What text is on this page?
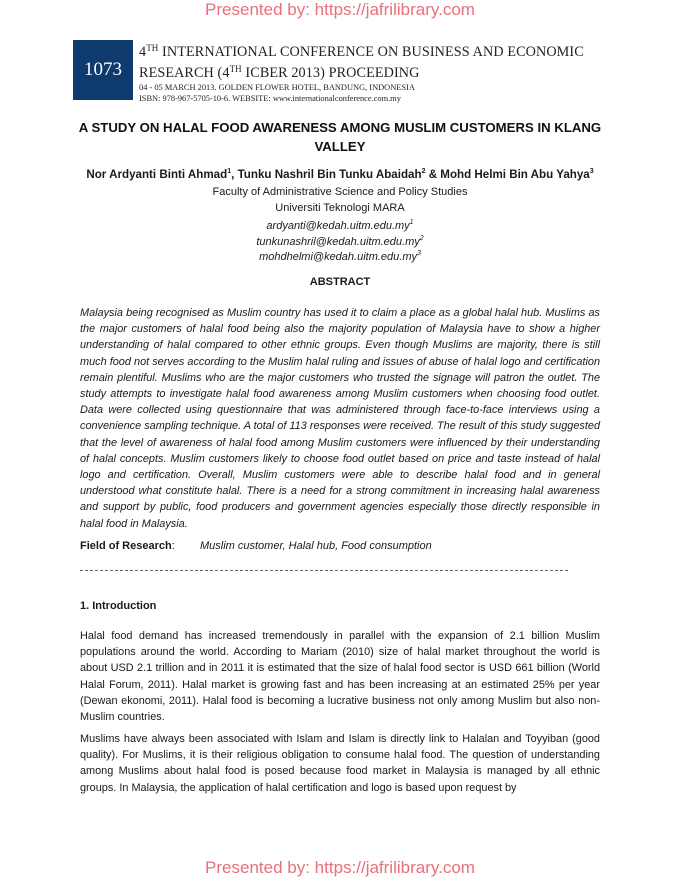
Presented by: https://jafrilibrary.com
1073
4TH INTERNATIONAL CONFERENCE ON BUSINESS AND ECONOMIC
RESEARCH (4TH ICBER 2013) PROCEEDING
04 - 05 MARCH 2013. GOLDEN FLOWER HOTEL, BANDUNG, INDONESIA
ISBN: 978-967-5705-10-6. WEBSITE: www.internationalconference.com.my
A STUDY ON HALAL FOOD AWARENESS AMONG MUSLIM CUSTOMERS IN KLANG
VALLEY
Nor Ardyanti Binti Ahmad$^1$, Tunku Nashril Bin Tunku Abaidah$^2$ & Mohd Helmi Bin Abu Yahya$^3$
Faculty of Administrative Science and Policy Studies
Universiti Teknologi MARA
$ardyanti@kedah.uitm.edu.my^1$
$tunkunashril@kedah.uitm.edu.my^2$
$mohdhelmi@kedah.uitm.edu.my^3$
ABSTRACT
Malaysia being recognised as Muslim country has used it to claim a place as a global halal hub. Muslims as the major customers of halal food being also the majority population of Malaysia have to show a higher understanding of halal compared to other ethnic groups. Even though Muslims are majority, there is still much food not serves according to the Muslim halal ruling and issues of abuse of halal logo and certification remain plentiful. Muslims who are the major customers who trusted the signage will patron the outlet. The study attempts to investigate halal food awareness among Muslim customers when choosing food outlet. Data were collected using questionnaire that was administered through face-to-face interviews using a convenience sampling technique. A total of 113 responses were received. The result of this study suggested that the level of awareness of halal food among Muslim customers were influenced by their understanding of halal concepts. Muslim customers likely to choose food outlet based on price and taste instead of halal logo and certification. Overall, Muslim customers were able to describe halal food and in general understood what constitute halal. There is a need for a strong commitment in increasing halal awareness and support by public, food producers and government agencies especially those directly responsible in halal food in Malaysia.
Field of Research: Muslim customer, Halal hub, Food consumption
1. Introduction
Halal food demand has increased tremendously in parallel with the expansion of 2.1 billion Muslim populations around the world. According to Mariam (2010) size of halal market throughout the world is about USD 2.1 trillion and in 2011 it is estimated that the size of halal food sector is USD 661 billion (World Halal Forum, 2011). Halal market is growing fast and has been increasing at an estimated 25% per year (Dewan ekonomi, 2011). Halal food is becoming a lucrative business not only among Muslim but also non-Muslim countries.
Muslims have always been associated with Islam and Islam is directly link to Halalan and Toyyiban (good quality). For Muslims, it is their religious obligation to consume halal food. The question of understanding among Muslims about halal food is posed because food market in Malaysia is managed by all ethnic groups. In Malaysia, the application of halal certification and logo is based upon request by
Presented by: https://jafrilibrary.com
